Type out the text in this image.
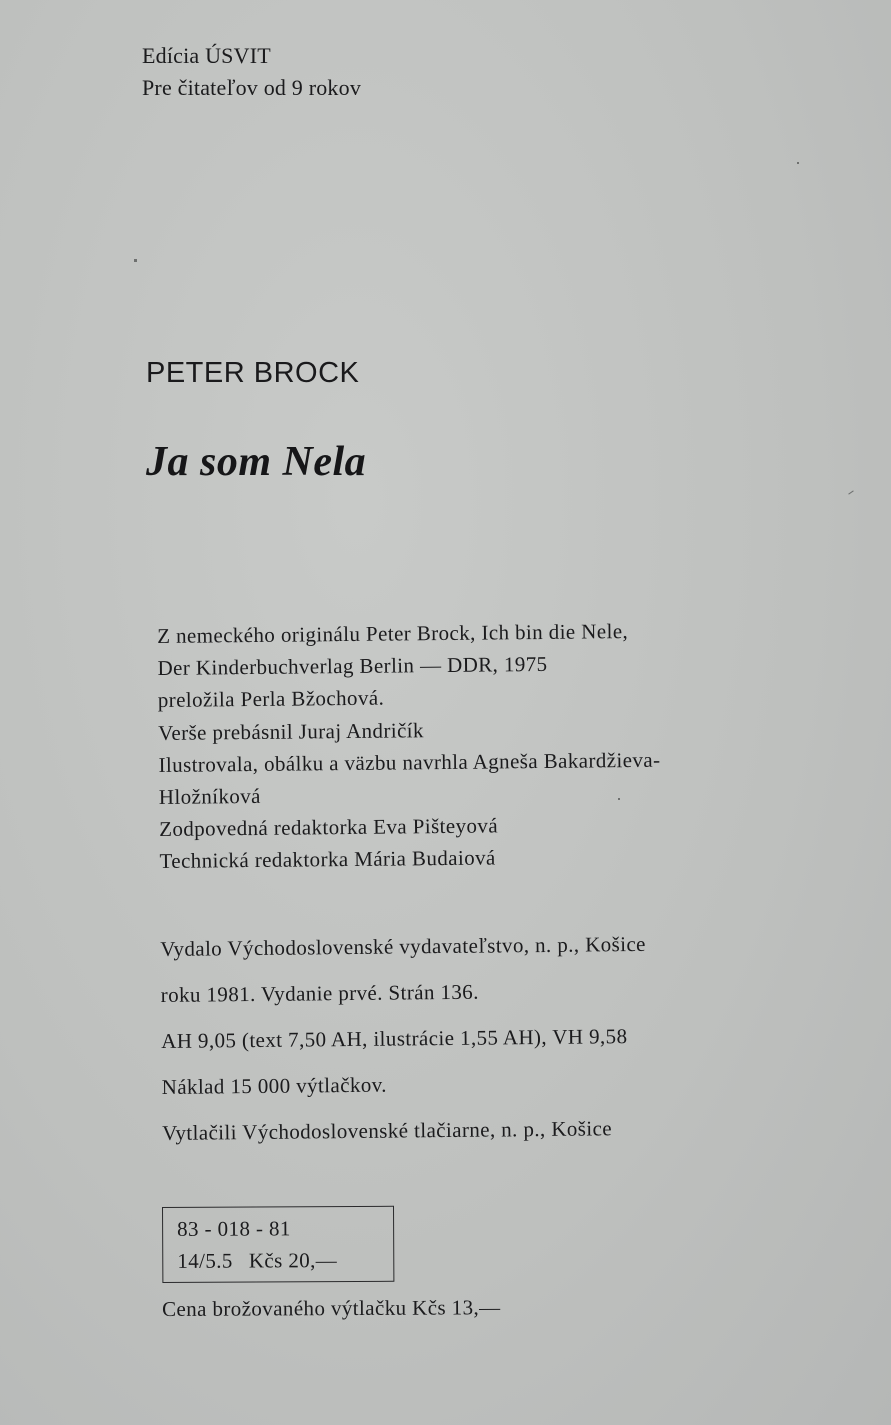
Edícia ÚSVIT
Pre čitateľov od 9 rokov
PETER BROCK
Ja som Nela
Z nemeckého originálu Peter Brock, Ich bin die Nele,
Der Kinderbuchverlag Berlin — DDR, 1975
preložila Perla Bžochová.
Verše prebásnil Juraj Andričík
Ilustrovala, obálku a väzbu navrhla Agneša Bakardžieva-
Hložníková
Zodpovedná redaktorka Eva Pišteyová
Technická redaktorka Mária Budaiová
Vydalo Východoslovenské vydavateľstvo, n. p., Košice
roku 1981. Vydanie prvé. Strán 136.
AH 9,05 (text 7,50 AH, ilustrácie 1,55 AH), VH 9,58
Náklad 15 000 výtlačkov.
Vytlačili Východoslovenské tlačiarne, n. p., Košice
83 - 018 - 81
14/5.5 Kčs 20,—
Cena brožovaného výtlačku Kčs 13,—
